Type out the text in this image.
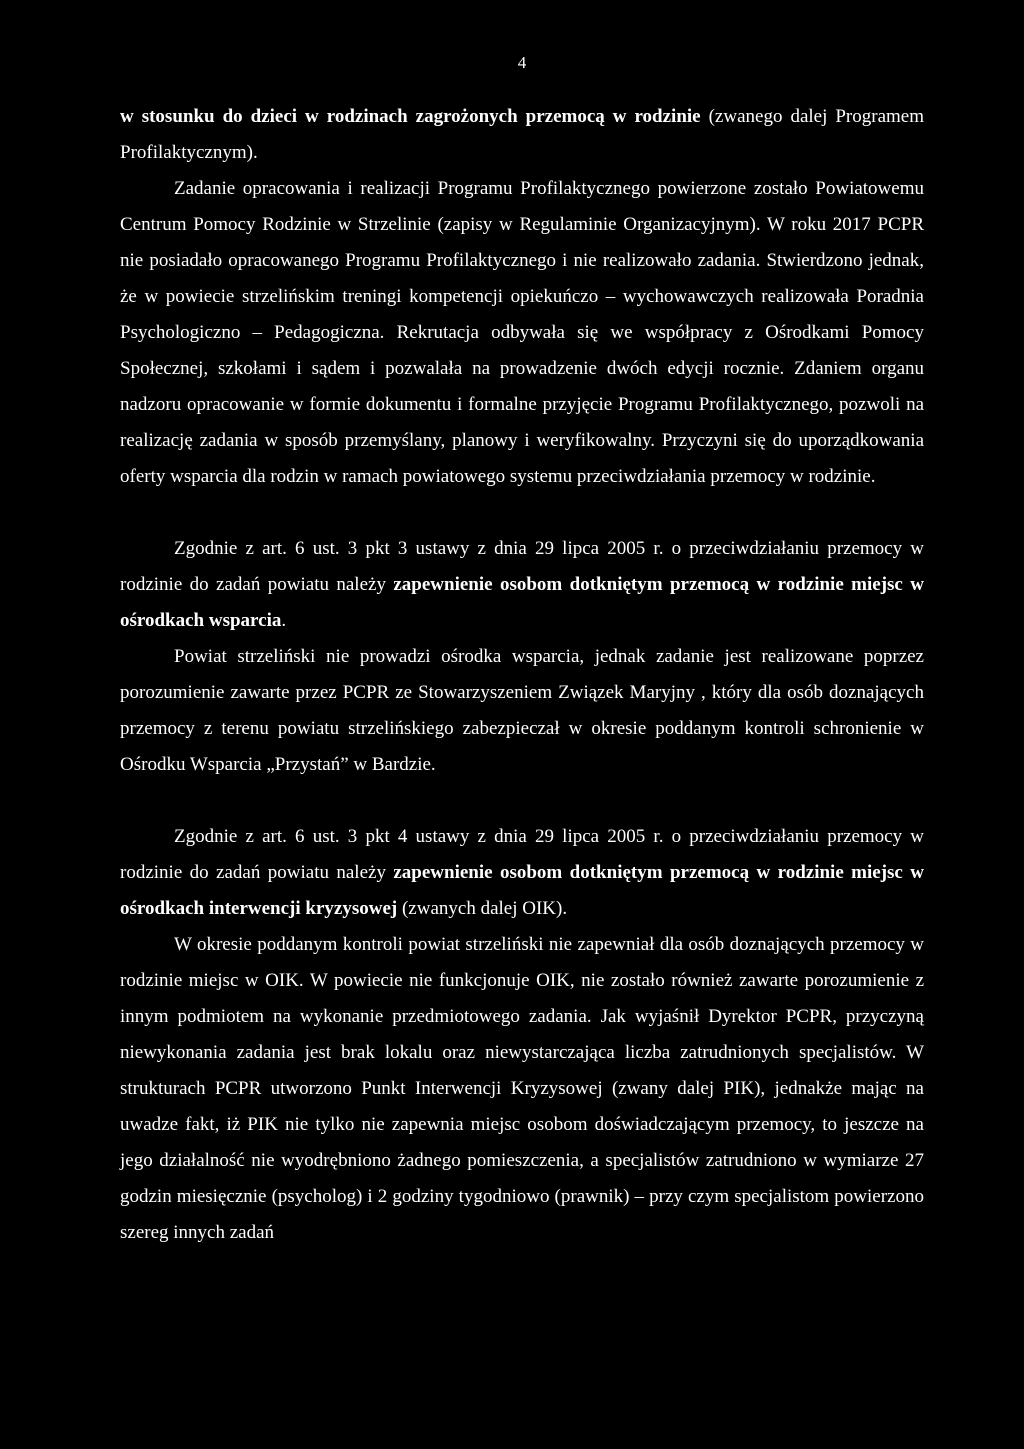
4

w stosunku do dzieci w rodzinach zagrożonych przemocą w rodzinie (zwanego dalej Programem Profilaktycznym).

Zadanie opracowania i realizacji Programu Profilaktycznego powierzone zostało Powiatowemu Centrum Pomocy Rodzinie w Strzelinie (zapisy w Regulaminie Organizacyjnym). W roku 2017 PCPR nie posiadało opracowanego Programu Profilaktycznego i nie realizowało zadania. Stwierdzono jednak, że w powiecie strzelińskim treningi kompetencji opiekuńczo – wychowawczych realizowała Poradnia Psychologiczno – Pedagogiczna. Rekrutacja odbywała się we współpracy z Ośrodkami Pomocy Społecznej, szkołami i sądem i pozwalała na prowadzenie dwóch edycji rocznie. Zdaniem organu nadzoru opracowanie w formie dokumentu i formalne przyjęcie Programu Profilaktycznego, pozwoli na realizację zadania w sposób przemyślany, planowy i weryfikowalny. Przyczyni się do uporządkowania oferty wsparcia dla rodzin w ramach powiatowego systemu przeciwdziałania przemocy w rodzinie.

Zgodnie z art. 6 ust. 3 pkt 3 ustawy z dnia 29 lipca 2005 r. o przeciwdziałaniu przemocy w rodzinie do zadań powiatu należy zapewnienie osobom dotkniętym przemocą w rodzinie miejsc w ośrodkach wsparcia.

Powiat strzeliński nie prowadzi ośrodka wsparcia, jednak zadanie jest realizowane poprzez porozumienie zawarte przez PCPR ze Stowarzyszeniem Związek Maryjny , który dla osób doznających przemocy z terenu powiatu strzelińskiego zabezpieczał w okresie poddanym kontroli schronienie w Ośrodku Wsparcia „Przystań” w Bardzie.

Zgodnie z art. 6 ust. 3 pkt 4 ustawy z dnia 29 lipca 2005 r. o przeciwdziałaniu przemocy w rodzinie do zadań powiatu należy zapewnienie osobom dotkniętym przemocą w rodzinie miejsc w ośrodkach interwencji kryzysowej (zwanych dalej OIK).

W okresie poddanym kontroli powiat strzeliński nie zapewniał dla osób doznających przemocy w rodzinie miejsc w OIK. W powiecie nie funkcjonuje OIK, nie zostało również zawarte porozumienie z innym podmiotem na wykonanie przedmiotowego zadania. Jak wyjaśnił Dyrektor PCPR, przyczyną niewykonania zadania jest brak lokalu oraz niewystarczająca liczba zatrudnionych specjalistów. W strukturach PCPR utworzono Punkt Interwencji Kryzysowej (zwany dalej PIK), jednakże mając na uwadze fakt, iż PIK nie tylko nie zapewnia miejsc osobom doświadczającym przemocy, to jeszcze na jego działalność nie wyodrębniono żadnego pomieszczenia, a specjalistów zatrudniono w wymiarze 27 godzin miesięcznie (psycholog) i 2 godziny tygodniowo (prawnik) – przy czym specjalistom powierzono szereg innych zadań
